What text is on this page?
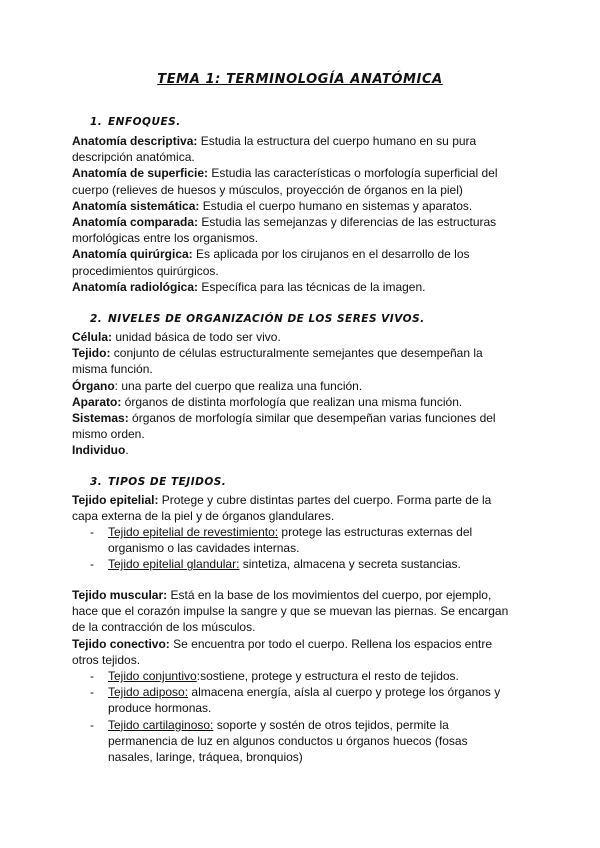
TEMA 1: TERMINOLOGÍA ANATÓMICA
1. ENFOQUES.

Anatomía descriptiva: Estudia la estructura del cuerpo humano en su pura descripción anatómica.

Anatomía de superficie: Estudia las características o morfología superficial del cuerpo (relieves de huesos y músculos, proyección de órganos en la piel)

Anatomía sistemática: Estudia el cuerpo humano en sistemas y aparatos.

Anatomía comparada: Estudia las semejanzas y diferencias de las estructuras morfológicas entre los organismos.

Anatomía quirúrgica: Es aplicada por los cirujanos en el desarrollo de los procedimientos quirúrgicos.

Anatomía radiológica: Específica para las técnicas de la imagen.

2. NIVELES DE ORGANIZACIÓN DE LOS SERES VIVOS.

Célula: unidad básica de todo ser vivo.

Tejido: conjunto de células estructuralmente semejantes que desempeñan la misma función.

Órgano: una parte del cuerpo que realiza una función.

Aparato: órganos de distinta morfología que realizan una misma función.

Sistemas: órganos de morfología similar que desempeñan varias funciones del mismo orden.

Individuo.

3. TIPOS DE TEJIDOS.

Tejido epitelial: Protege y cubre distintas partes del cuerpo. Forma parte de la capa externa de la piel y de órganos glandulares.

- Tejido epitelial de revestimiento: protege las estructuras externas del organismo o las cavidades internas.
- Tejido epitelial glandular: sintetiza, almacena y secreta sustancias.

Tejido muscular: Está en la base de los movimientos del cuerpo, por ejemplo, hace que el corazón impulse la sangre y que se muevan las piernas. Se encargan de la contracción de los músculos.

Tejido conectivo: Se encuentra por todo el cuerpo. Rellena los espacios entre otros tejidos.

- Tejido conjuntivo:sostiene, protege y estructura el resto de tejidos.
- Tejido adiposo: almacena energía, aísla al cuerpo y protege los órganos y produce hormonas.
- Tejido cartilaginoso: soporte y sostén de otros tejidos, permite la permanencia de luz en algunos conductos u órganos huecos (fosas nasales, laringe, tráquea, bronquios)
